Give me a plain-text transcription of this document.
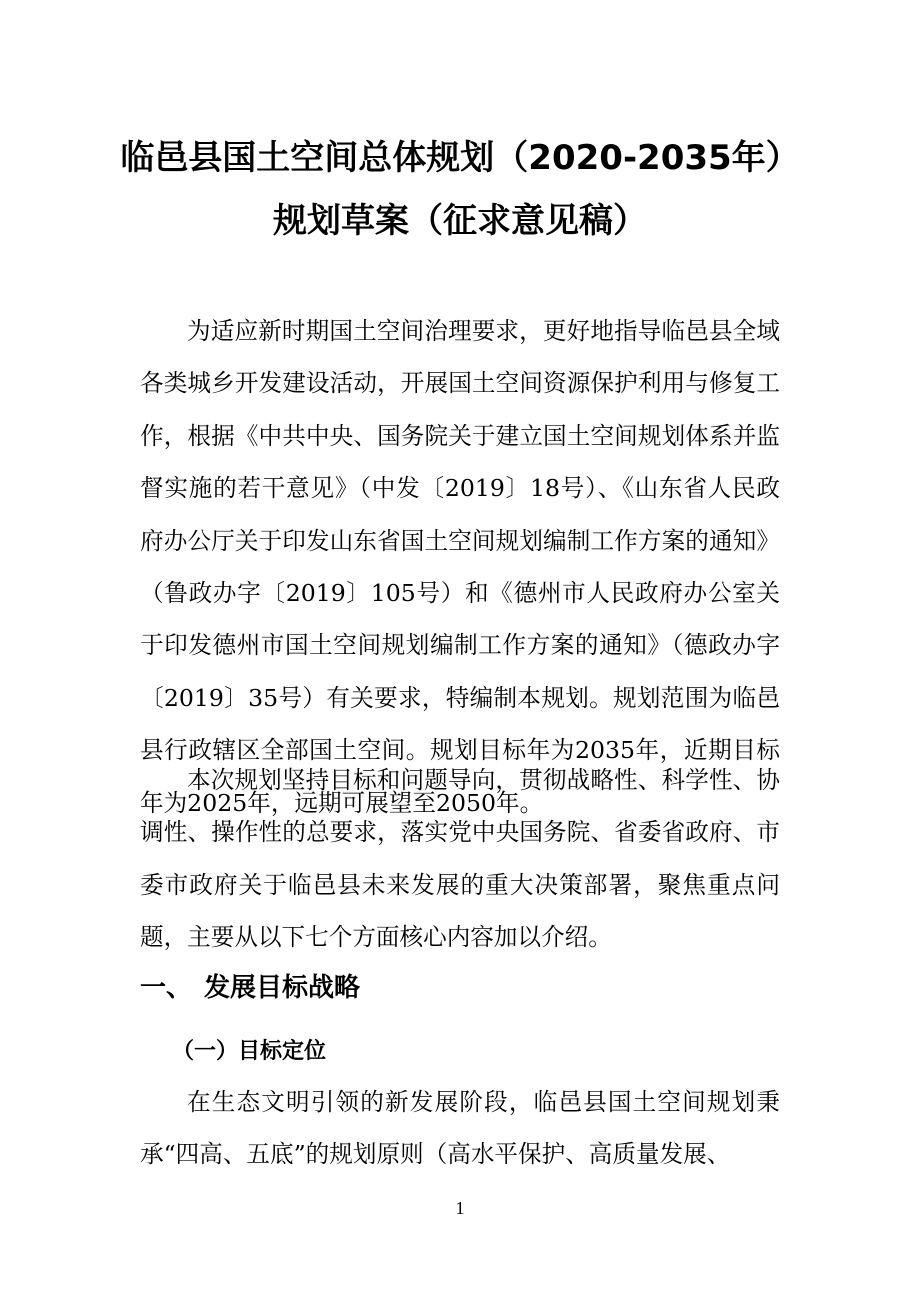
临邑县国土空间总体规划（2020-2035年）
规划草案（征求意见稿）

为适应新时期国土空间治理要求，更好地指导临邑县全域各类城乡开发建设活动，开展国土空间资源保护利用与修复工作，根据《中共中央、国务院关于建立国土空间规划体系并监督实施的若干意见》（中发〔2019〕18号）、《山东省人民政府办公厅关于印发山东省国土空间规划编制工作方案的通知》（鲁政办字〔2019〕105号）和《德州市人民政府办公室关于印发德州市国土空间规划编制工作方案的通知》（德政办字〔2019〕35号）有关要求，特编制本规划。规划范围为临邑县行政辖区全部国土空间。规划目标年为2035年，近期目标年为2025年，远期可展望至2050年。

本次规划坚持目标和问题导向，贯彻战略性、科学性、协调性、操作性的总要求，落实党中央国务院、省委省政府、市委市政府关于临邑县未来发展的重大决策部署，聚焦重点问题，主要从以下七个方面核心内容加以介绍。

一、 发展目标战略
（一）目标定位

在生态文明引领的新发展阶段，临邑县国土空间规划秉承“四高、五底”的规划原则（高水平保护、高质量发展、

1
